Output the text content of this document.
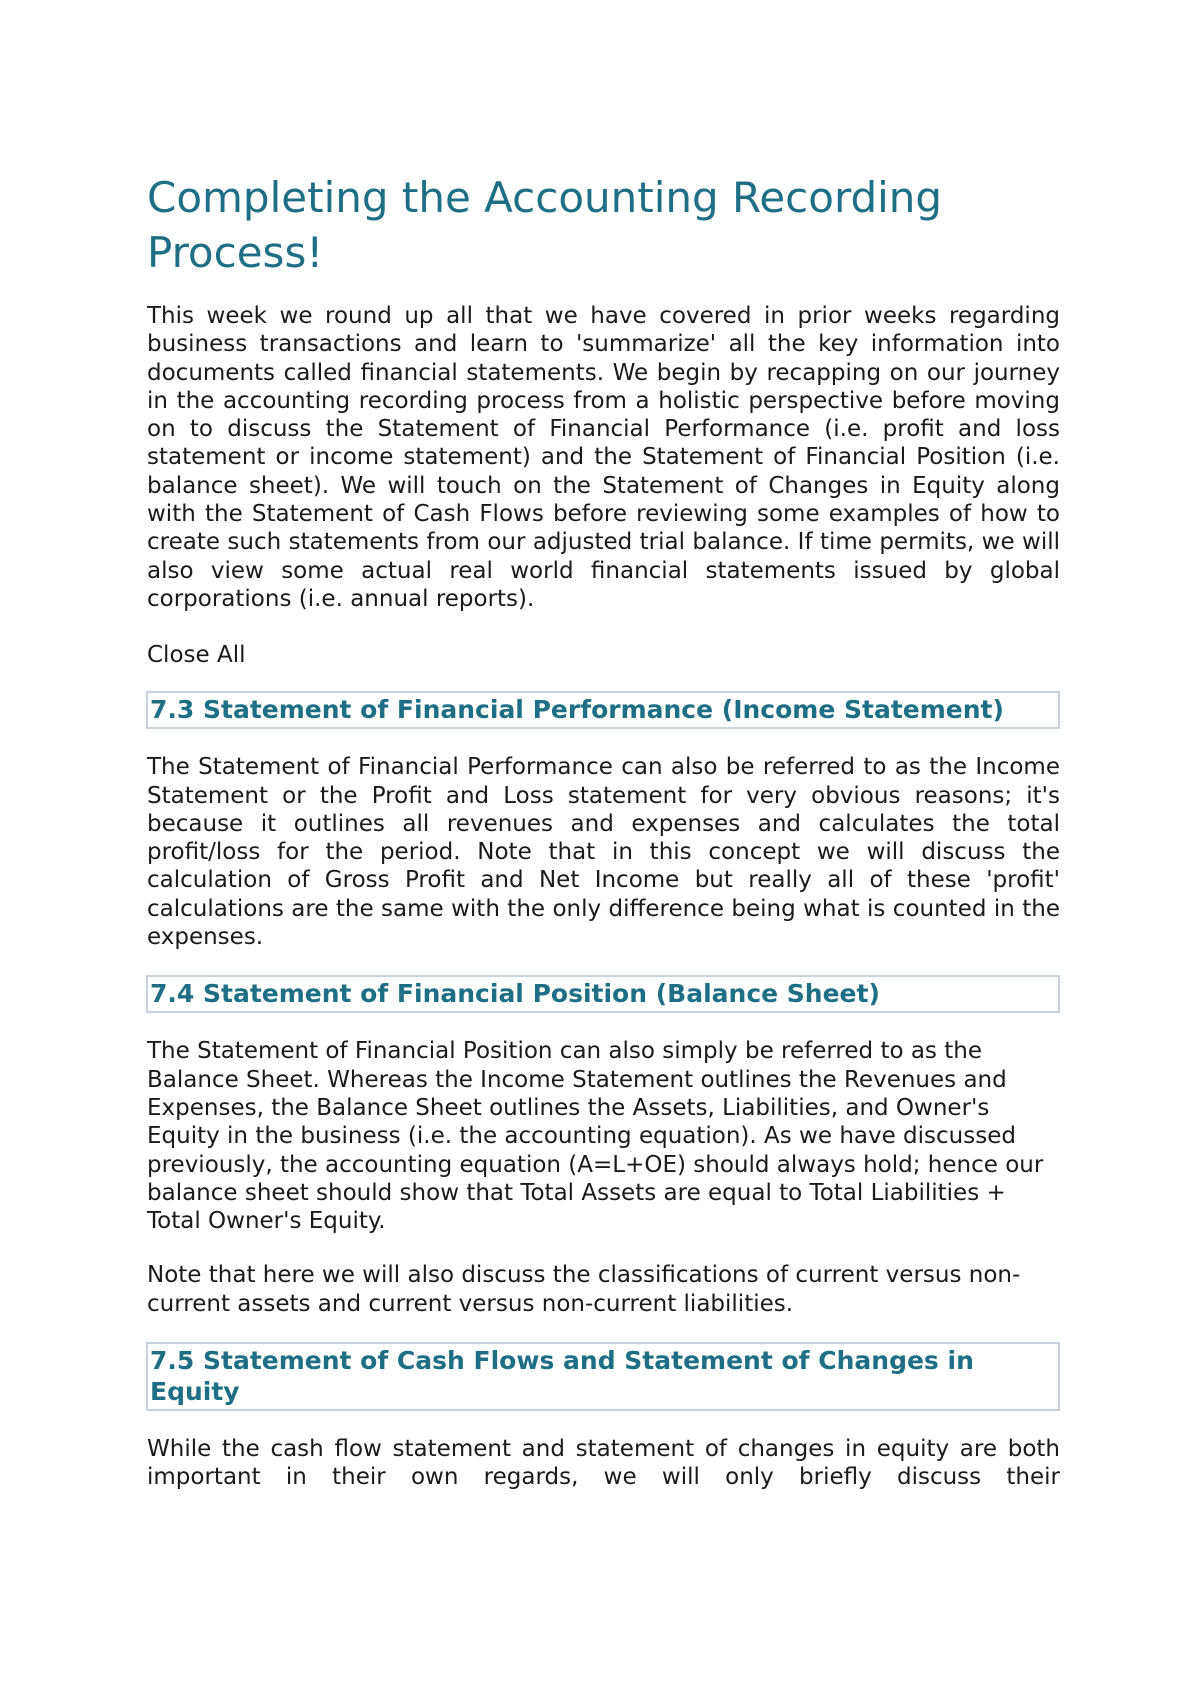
Completing the Accounting Recording Process!

This week we round up all that we have covered in prior weeks regarding business transactions and learn to 'summarize' all the key information into documents called financial statements. We begin by recapping on our journey in the accounting recording process from a holistic perspective before moving on to discuss the Statement of Financial Performance (i.e. profit and loss statement or income statement) and the Statement of Financial Position (i.e. balance sheet). We will touch on the Statement of Changes in Equity along with the Statement of Cash Flows before reviewing some examples of how to create such statements from our adjusted trial balance. If time permits, we will also view some actual real world financial statements issued by global corporations (i.e. annual reports).

Close All
7.3 Statement of Financial Performance (Income Statement)

The Statement of Financial Performance can also be referred to as the Income Statement or the Profit and Loss statement for very obvious reasons; it's because it outlines all revenues and expenses and calculates the total profit/loss for the period. Note that in this concept we will discuss the calculation of Gross Profit and Net Income but really all of these 'profit' calculations are the same with the only difference being what is counted in the expenses.

7.4 Statement of Financial Position (Balance Sheet)

The Statement of Financial Position can also simply be referred to as the Balance Sheet. Whereas the Income Statement outlines the Revenues and Expenses, the Balance Sheet outlines the Assets, Liabilities, and Owner's Equity in the business (i.e. the accounting equation). As we have discussed previously, the accounting equation (A=L+OE) should always hold; hence our balance sheet should show that Total Assets are equal to Total Liabilities + Total Owner's Equity.

Note that here we will also discuss the classifications of current versus non-current assets and current versus non-current liabilities.

7.5 Statement of Cash Flows and Statement of Changes in Equity

While the cash flow statement and statement of changes in equity are both important in their own regards, we will only briefly discuss their
